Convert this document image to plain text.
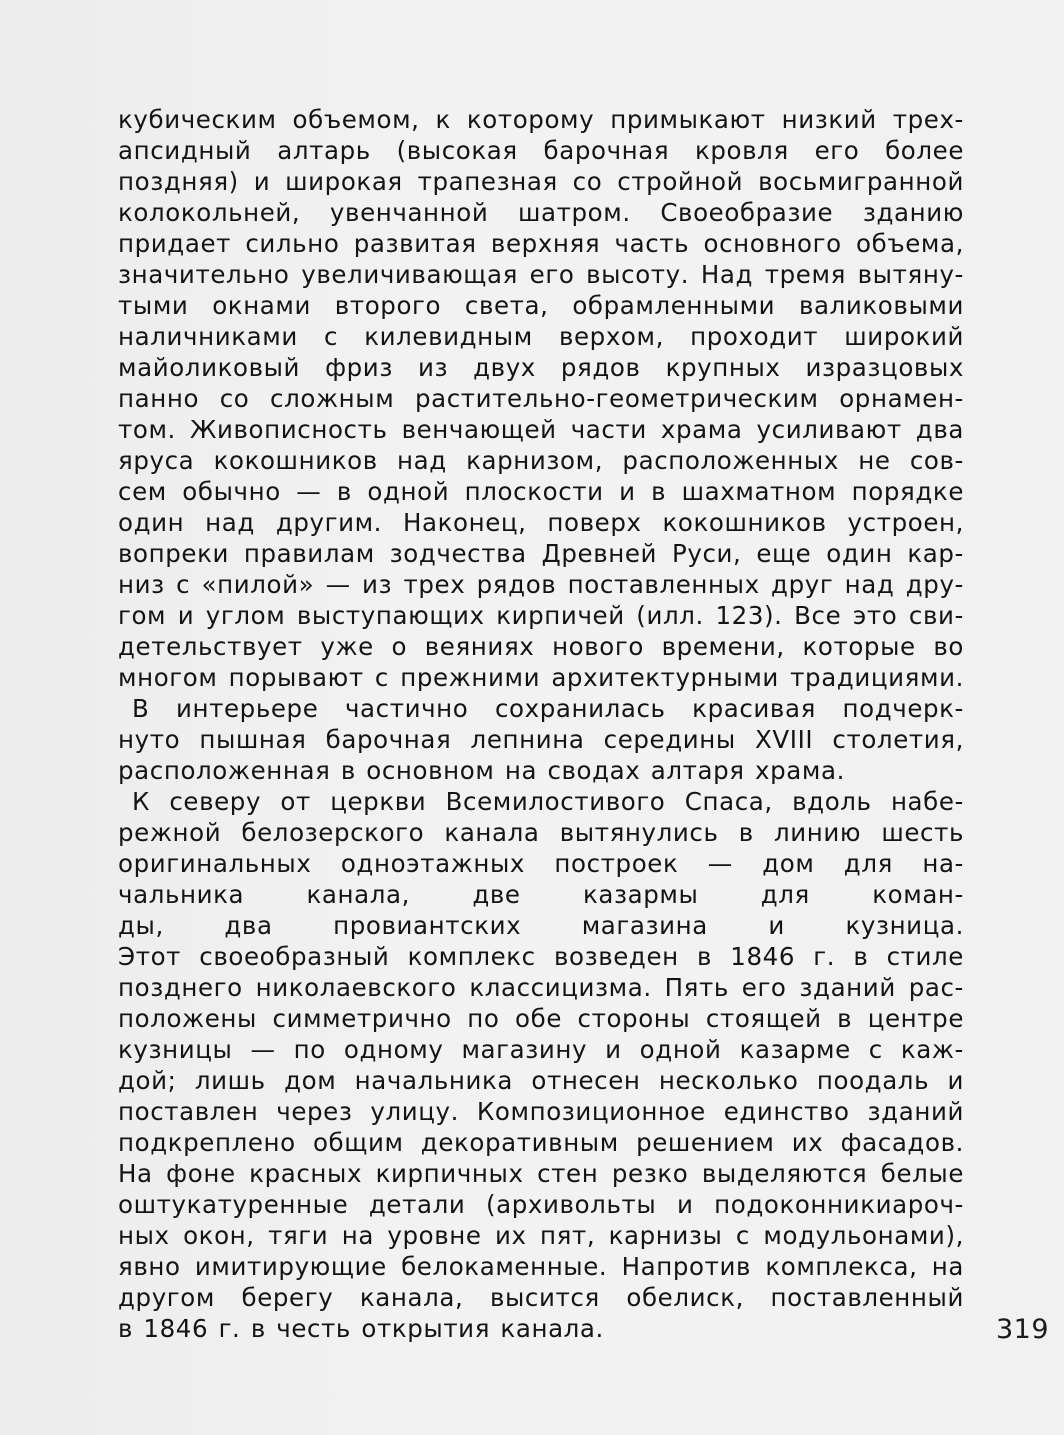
кубическим объемом, к которому примыкают низкий трех-
апсидный алтарь (высокая барочная кровля его более
поздняя) и широкая трапезная со стройной восьмигранной
колокольней, увенчанной шатром. Своеобразие зданию
придает сильно развитая верхняя часть основного объема,
значительно увеличивающая его высоту. Над тремя вытяну-
тыми окнами второго света, обрамленными валиковыми
наличниками с килевидным верхом, проходит широкий
майоликовый фриз из двух рядов крупных изразцовых
панно со сложным растительно-геометрическим орнамен-
том. Живописность венчающей части храма усиливают два
яруса кокошников над карнизом, расположенных не сов-
сем обычно — в одной плоскости и в шахматном порядке
один над другим. Наконец, поверх кокошников устроен,
вопреки правилам зодчества Древней Руси, еще один кар-
низ с «пилой» — из трех рядов поставленных друг над дру-
гом и углом выступающих кирпичей (илл. 123). Все это сви-
детельствует уже о веяниях нового времени, которые во
многом порывают с прежними архитектурными традициями.
В интерьере частично сохранилась красивая подчерк-
нуто пышная барочная лепнина середины XVIII столетия,
расположенная в основном на сводах алтаря храма.
К северу от церкви Всемилостивого Спаса, вдоль набе-
режной белозерского канала вытянулись в линию шесть
оригинальных одноэтажных построек — дом для на-
чальника канала, две казармы для коман-
ды, два провиантских магазина и кузница.
Этот своеобразный комплекс возведен в 1846 г. в стиле
позднего николаевского классицизма. Пять его зданий рас-
положены симметрично по обе стороны стоящей в центре
кузницы — по одному магазину и одной казарме с каж-
дой; лишь дом начальника отнесен несколько поодаль и
поставлен через улицу. Композиционное единство зданий
подкреплено общим декоративным решением их фасадов.
На фоне красных кирпичных стен резко выделяются белые
оштукатуренные детали (архивольты и подоконникиароч-
ных окон, тяги на уровне их пят, карнизы с модульонами),
явно имитирующие белокаменные. Напротив комплекса, на
другом берегу канала, высится обелиск, поставленный
в 1846 г. в честь открытия канала.	319
